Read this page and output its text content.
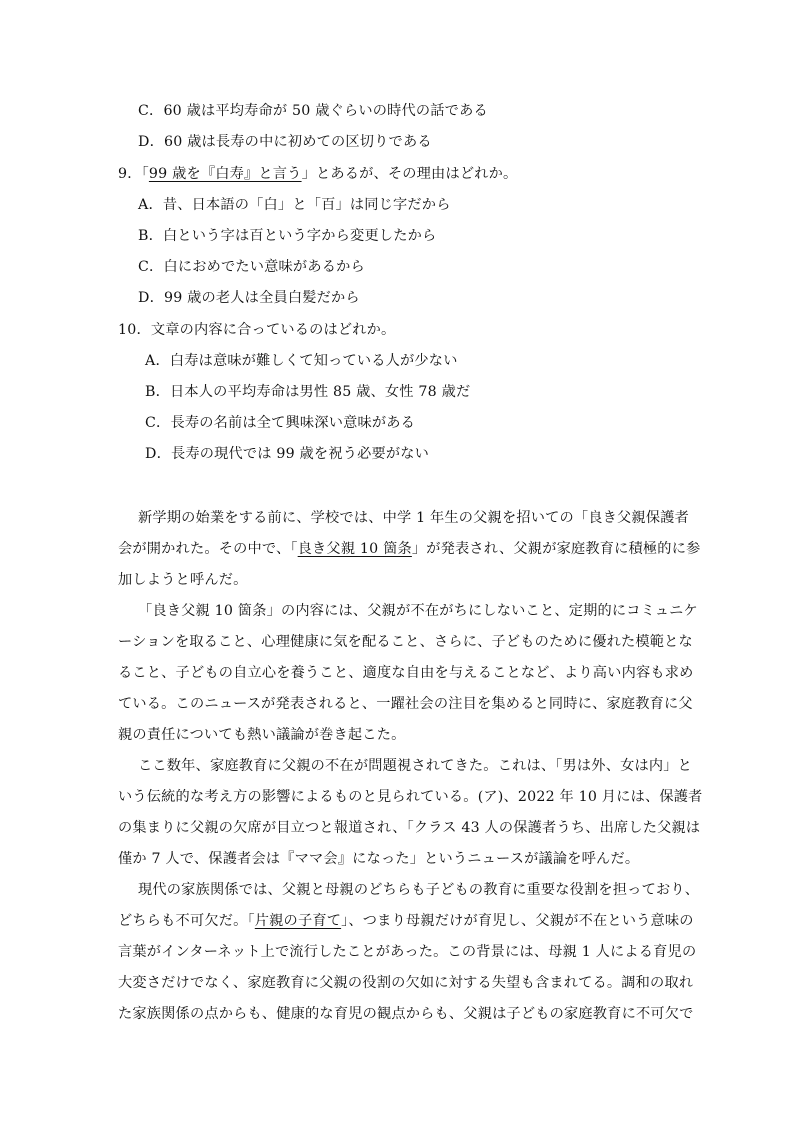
C．60 歳は平均寿命が 50 歳ぐらいの時代の話である
D．60 歳は長寿の中に初めての区切りである
9．「99 歳を『白寿』と言う」とあるが、その理由はどれか。
A．昔、日本語の「白」と「百」は同じ字だから
B．白という字は百という字から変更したから
C．白におめでたい意味があるから
D．99 歳の老人は全員白髪だから
10．文章の内容に合っているのはどれか。
A．白寿は意味が難しくて知っている人が少ない
B．日本人の平均寿命は男性 85 歳、女性 78 歳だ
C．長寿の名前は全て興味深い意味がある
D．長寿の現代では 99 歳を祝う必要がない
新学期の始業をする前に、学校では、中学 1 年生の父親を招いての「良き父親保護者
会が開かれた。その中で、「良き父親 10 箇条」が発表され、父親が家庭教育に積極的に参
加しようと呼んだ。
「良き父親 10 箇条」の内容には、父親が不在がちにしないこと、定期的にコミュニケ
ーションを取ること、心理健康に気を配ること、さらに、子どものために優れた模範とな
ること、子どもの自立心を養うこと、適度な自由を与えることなど、より高い内容も求め
ている。このニュースが発表されると、一躍社会の注目を集めると同時に、家庭教育に父
親の責任についても熱い議論が巻き起こた。
ここ数年、家庭教育に父親の不在が問題視されてきた。これは、「男は外、女は内」と
いう伝統的な考え方の影響によるものと見られている。(ア)、2022 年 10 月には、保護者
の集まりに父親の欠席が目立つと報道され、「クラス 43 人の保護者うち、出席した父親は
僅か 7 人で、保護者会は『ママ会』になった」というニュースが議論を呼んだ。
現代の家族関係では、父親と母親のどちらも子どもの教育に重要な役割を担っており、
どちらも不可欠だ。「片親の子育て」、つまり母親だけが育児し、父親が不在という意味の
言葉がインターネット上で流行したことがあった。この背景には、母親 1 人による育児の
大変さだけでなく、家庭教育に父親の役割の欠如に対する失望も含まれてる。調和の取れ
た家族関係の点からも、健康的な育児の観点からも、父親は子どもの家庭教育に不可欠で
